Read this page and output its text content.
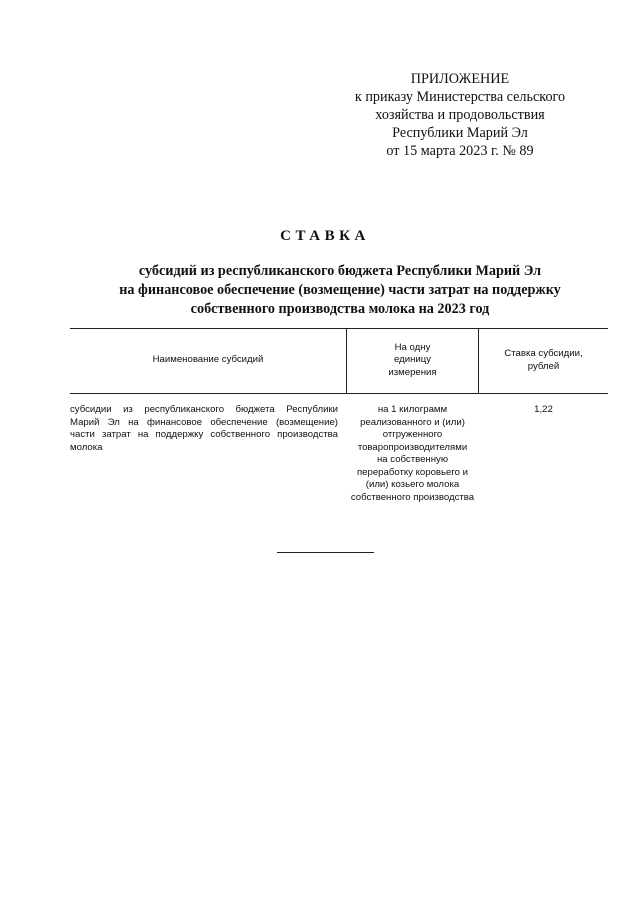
ПРИЛОЖЕНИЕ
к приказу Министерства сельского
хозяйства и продовольствия
Республики Марий Эл
от 15 марта 2023 г. № 89
СТАВКА
субсидий из республиканского бюджета Республики Марий Эл
на финансовое обеспечение (возмещение) части затрат на поддержку
собственного производства молока на 2023 год
Наименование субсидий
На одну
единицу
измерения
Ставка субсидии,
рублей
субсидии из республиканского бюджета Республики
Марий Эл на финансовое обеспечение (возмещение)
части затрат на поддержку собственного производства
молока
на 1 килограмм
реализованного и (или)
отгруженного
товаропроизводителями
на собственную
переработку коровьего и
(или) козьего молока
собственного производства
1,22
